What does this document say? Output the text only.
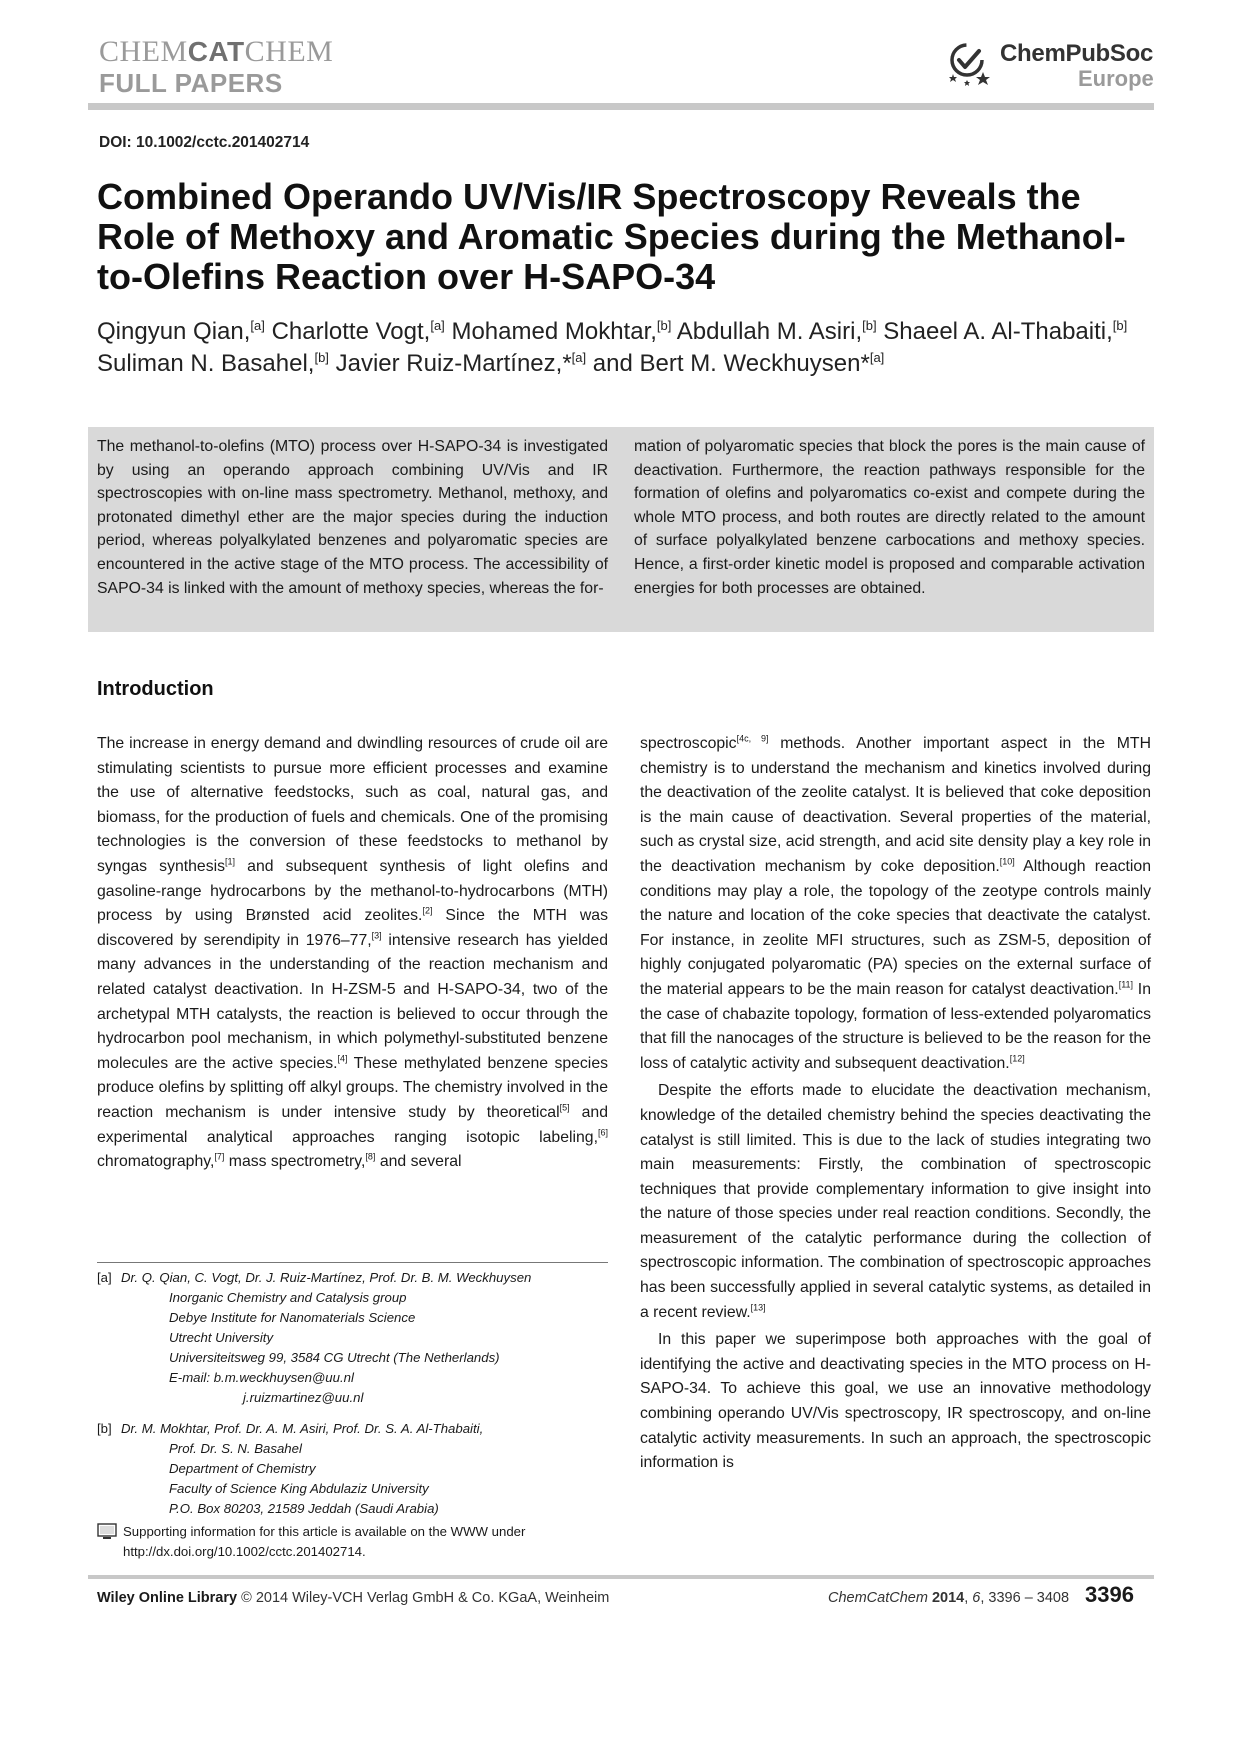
CHEMCATCHEM
FULL PAPERS
ChemPubSoc
Europe
DOI: 10.1002/cctc.201402714
Combined Operando UV/Vis/IR Spectroscopy Reveals the Role of Methoxy and Aromatic Species during the Methanol-to-Olefins Reaction over H-SAPO-34

Qingyun Qian,[a] Charlotte Vogt,[a] Mohamed Mokhtar,[b] Abdullah M. Asiri,[b] Shaeel A. Al-Thabaiti,[b] Suliman N. Basahel,[b] Javier Ruiz-Martínez,*[a] and Bert M. Weckhuysen*[a]

The methanol-to-olefins (MTO) process over H-SAPO-34 is investigated by using an operando approach combining UV/Vis and IR spectroscopies with on-line mass spectrometry. Methanol, methoxy, and protonated dimethyl ether are the major species during the induction period, whereas polyalkylated benzenes and polyaromatic species are encountered in the active stage of the MTO process. The accessibility of SAPO-34 is linked with the amount of methoxy species, whereas the for-

mation of polyaromatic species that block the pores is the main cause of deactivation. Furthermore, the reaction pathways responsible for the formation of olefins and polyaromatics co-exist and compete during the whole MTO process, and both routes are directly related to the amount of surface polyalkylated benzene carbocations and methoxy species. Hence, a first-order kinetic model is proposed and comparable activation energies for both processes are obtained.

Introduction

The increase in energy demand and dwindling resources of crude oil are stimulating scientists to pursue more efficient processes and examine the use of alternative feedstocks, such as coal, natural gas, and biomass, for the production of fuels and chemicals. One of the promising technologies is the conversion of these feedstocks to methanol by syngas synthesis[1] and subsequent synthesis of light olefins and gasoline-range hydrocarbons by the methanol-to-hydrocarbons (MTH) process by using Brønsted acid zeolites.[2] Since the MTH was discovered by serendipity in 1976–77,[3] intensive research has yielded many advances in the understanding of the reaction mechanism and related catalyst deactivation. In H-ZSM-5 and H-SAPO-34, two of the archetypal MTH catalysts, the reaction is believed to occur through the hydrocarbon pool mechanism, in which polymethyl-substituted benzene molecules are the active species.[4] These methylated benzene species produce olefins by splitting off alkyl groups. The chemistry involved in the reaction mechanism is under intensive study by theoretical[5] and experimental analytical approaches ranging isotopic labeling,[6] chromatography,[7] mass spectrometry,[8] and several

spectroscopic[4c, 9] methods. Another important aspect in the MTH chemistry is to understand the mechanism and kinetics involved during the deactivation of the zeolite catalyst. It is believed that coke deposition is the main cause of deactivation. Several properties of the material, such as crystal size, acid strength, and acid site density play a key role in the deactivation mechanism by coke deposition.[10] Although reaction conditions may play a role, the topology of the zeotype controls mainly the nature and location of the coke species that deactivate the catalyst. For instance, in zeolite MFI structures, such as ZSM-5, deposition of highly conjugated polyaromatic (PA) species on the external surface of the material appears to be the main reason for catalyst deactivation.[11] In the case of chabazite topology, formation of less-extended polyaromatics that fill the nanocages of the structure is believed to be the reason for the loss of catalytic activity and subsequent deactivation.[12]

Despite the efforts made to elucidate the deactivation mechanism, knowledge of the detailed chemistry behind the species deactivating the catalyst is still limited. This is due to the lack of studies integrating two main measurements: Firstly, the combination of spectroscopic techniques that provide complementary information to give insight into the nature of those species under real reaction conditions. Secondly, the measurement of the catalytic performance during the collection of spectroscopic information. The combination of spectroscopic approaches has been successfully applied in several catalytic systems, as detailed in a recent review.[13]

In this paper we superimpose both approaches with the goal of identifying the active and deactivating species in the MTO process on H-SAPO-34. To achieve this goal, we use an innovative methodology combining operando UV/Vis spectroscopy, IR spectroscopy, and on-line catalytic activity measurements. In such an approach, the spectroscopic information is

[a] Dr. Q. Qian, C. Vogt, Dr. J. Ruiz-Martínez, Prof. Dr. B. M. Weckhuysen
Inorganic Chemistry and Catalysis group
Debye Institute for Nanomaterials Science
Utrecht University
Universiteitsweg 99, 3584 CG Utrecht (The Netherlands)
E-mail: b.m.weckhuysen@uu.nl
j.ruizmartinez@uu.nl
[b] Dr. M. Mokhtar, Prof. Dr. A. M. Asiri, Prof. Dr. S. A. Al-Thabaiti,
Prof. Dr. S. N. Basahel
Department of Chemistry
Faculty of Science King Abdulaziz University
P.O. Box 80203, 21589 Jeddah (Saudi Arabia)
Supporting information for this article is available on the WWW under
http://dx.doi.org/10.1002/cctc.201402714.
Wiley Online Library © 2014 Wiley-VCH Verlag GmbH & Co. KGaA, Weinheim	ChemCatChem 2014, 6, 3396 – 3408 3396
